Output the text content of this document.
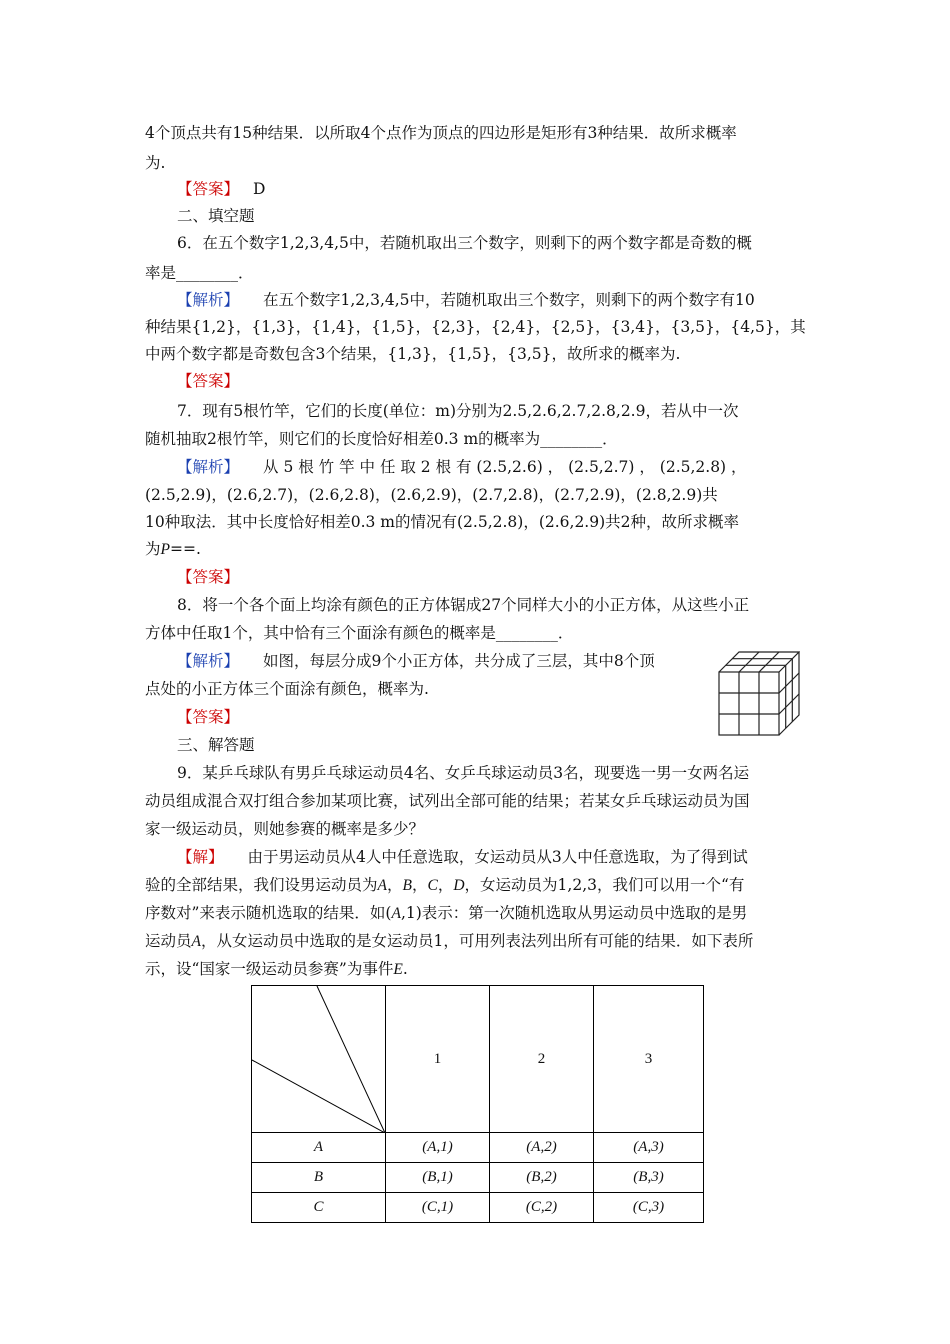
4个顶点共有15种结果．以所取4个点作为顶点的四边形是矩形有3种结果．故所求概率
为.
【答案】 D
二、填空题
6．在五个数字1,2,3,4,5中，若随机取出三个数字，则剩下的两个数字都是奇数的概
率是________．
【解析】 在五个数字1,2,3,4,5中，若随机取出三个数字，则剩下的两个数字有10
种结果{1,2}，{1,3}，{1,4}，{1,5}，{2,3}，{2,4}，{2,5}，{3,4}，{3,5}，{4,5}，其
中两个数字都是奇数包含3个结果，{1,3}，{1,5}，{3,5}，故所求的概率为.
【答案】
7．现有5根竹竿，它们的长度(单位：m)分别为2.5,2.6,2.7,2.8,2.9，若从中一次
随机抽取2根竹竿，则它们的长度恰好相差0.3 m的概率为________．
【解析】 从 5 根 竹 竿 中 任 取 2 根 有 (2.5,2.6) ， (2.5,2.7) ， (2.5,2.8) ，
(2.5,2.9)，(2.6,2.7)，(2.6,2.8)，(2.6,2.9)，(2.7,2.8)，(2.7,2.9)，(2.8,2.9)共
10种取法．其中长度恰好相差0.3 m的情况有(2.5,2.8)，(2.6,2.9)共2种，故所求概率
为P==.
【答案】
8．将一个各个面上均涂有颜色的正方体锯成27个同样大小的小正方体，从这些小正
方体中任取1个，其中恰有三个面涂有颜色的概率是________．
【解析】 如图，每层分成9个小正方体，共分成了三层，其中8个顶
点处的小正方体三个面涂有颜色，概率为.
【答案】
三、解答题
9．某乒乓球队有男乒乓球运动员4名、女乒乓球运动员3名，现要选一男一女两名运
动员组成混合双打组合参加某项比赛，试列出全部可能的结果；若某女乒乓球运动员为国
家一级运动员，则她参赛的概率是多少？
【解】 由于男运动员从4人中任意选取，女运动员从3人中任意选取，为了得到试
验的全部结果，我们设男运动员为A，B，C，D，女运动员为1,2,3，我们可以用一个“有
序数对”来表示随机选取的结果．如(A,1)表示：第一次随机选取从男运动员中选取的是男
运动员A，从女运动员中选取的是女运动员1，可用列表法列出所有可能的结果．如下表所
示，设“国家一级运动员参赛”为事件E.
	1	2	3
A	(A,1)	(A,2)	(A,3)
B	(B,1)	(B,2)	(B,3)
C	(C,1)	(C,2)	(C,3)
